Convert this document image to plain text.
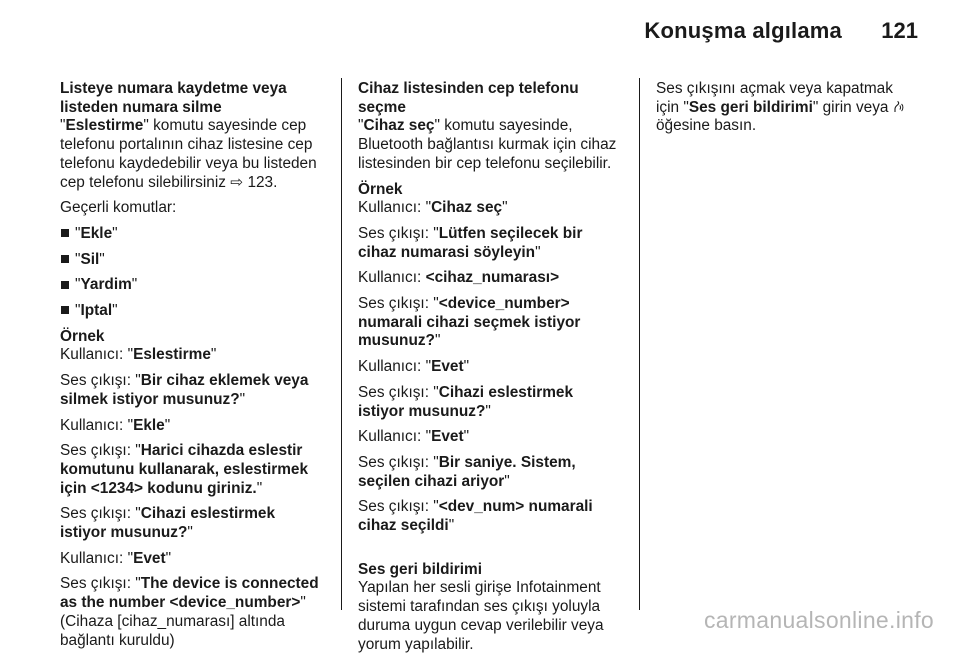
Konuşma algılama 121

Listeye numara kaydetme veya listeden numara silme

"Eslestirme" komutu sayesinde cep telefonu portalının cihaz listesine cep telefonu kaydedebilir veya bu listeden cep telefonu silebilirsiniz ⇨ 123.

Geçerli komutlar:

"Ekle"

"Sil"

"Yardim"

"Iptal"

Örnek

Kullanıcı: "Eslestirme"

Ses çıkışı: "Bir cihaz eklemek veya silmek istiyor musunuz?"

Kullanıcı: "Ekle"

Ses çıkışı: "Harici cihazda eslestir komutunu kullanarak, eslestirmek için <1234> kodunu giriniz."

Ses çıkışı: "Cihazi eslestirmek istiyor musunuz?"

Kullanıcı: "Evet"

Ses çıkışı: "The device is connected as the number <device_number>"

(Cihaza [cihaz_numarası] altında bağlantı kuruldu)

Cihaz listesinden cep telefonu seçme

"Cihaz seç" komutu sayesinde, Bluetooth bağlantısı kurmak için cihaz listesinden bir cep telefonu seçilebilir.

Örnek

Kullanıcı: "Cihaz seç"

Ses çıkışı: "Lütfen seçilecek bir cihaz numarasi söyleyin"

Kullanıcı: <cihaz_numarası>

Ses çıkışı: "<device_number> numarali cihazi seçmek istiyor musunuz?"

Kullanıcı: "Evet"

Ses çıkışı: "Cihazi eslestirmek istiyor musunuz?"

Kullanıcı: "Evet"

Ses çıkışı: "Bir saniye. Sistem, seçilen cihazi ariyor"

Ses çıkışı: "<dev_num> numarali cihaz seçildi"

Ses geri bildirimi

Yapılan her sesli girişe Infotainment sistemi tarafından ses çıkışı yoluyla duruma uygun cevap verilebilir veya yorum yapılabilir.

Ses çıkışını açmak veya kapatmak için "Ses geri bildirimi" girin veya  öğesine basın.

carmanualsonline.info
